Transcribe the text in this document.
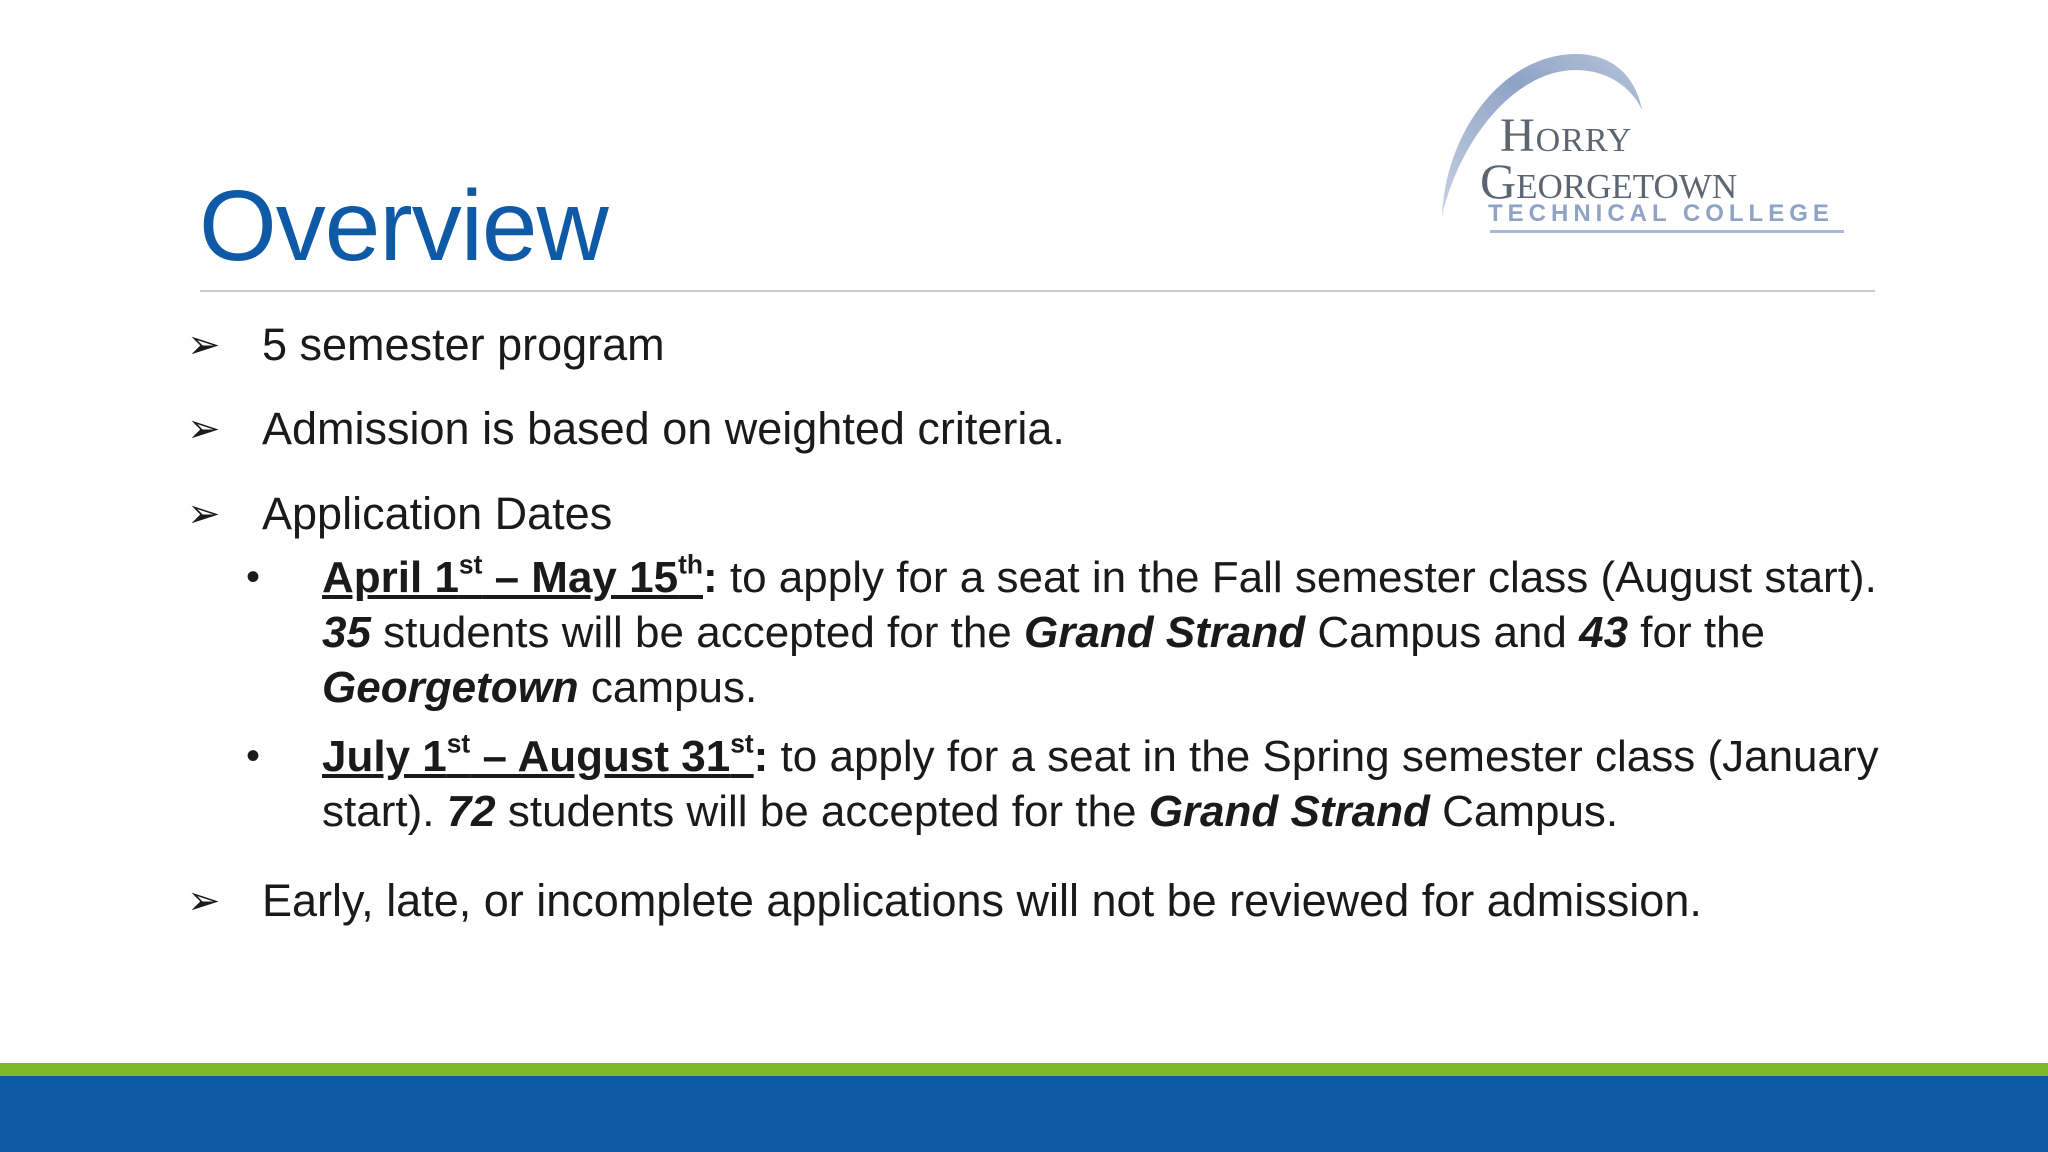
Overview
Horry
Georgetown
TECHNICAL COLLEGE
➢ 5 semester program
➢ Admission is based on weighted criteria.
➢ Application Dates
• April 1st – May 15th: to apply for a seat in the Fall semester class (August start). 35 students will be accepted for the Grand Strand Campus and 43 for the Georgetown campus.
• July 1st – August 31st: to apply for a seat in the Spring semester class (January start). 72 students will be accepted for the Grand Strand Campus.
➢ Early, late, or incomplete applications will not be reviewed for admission.
